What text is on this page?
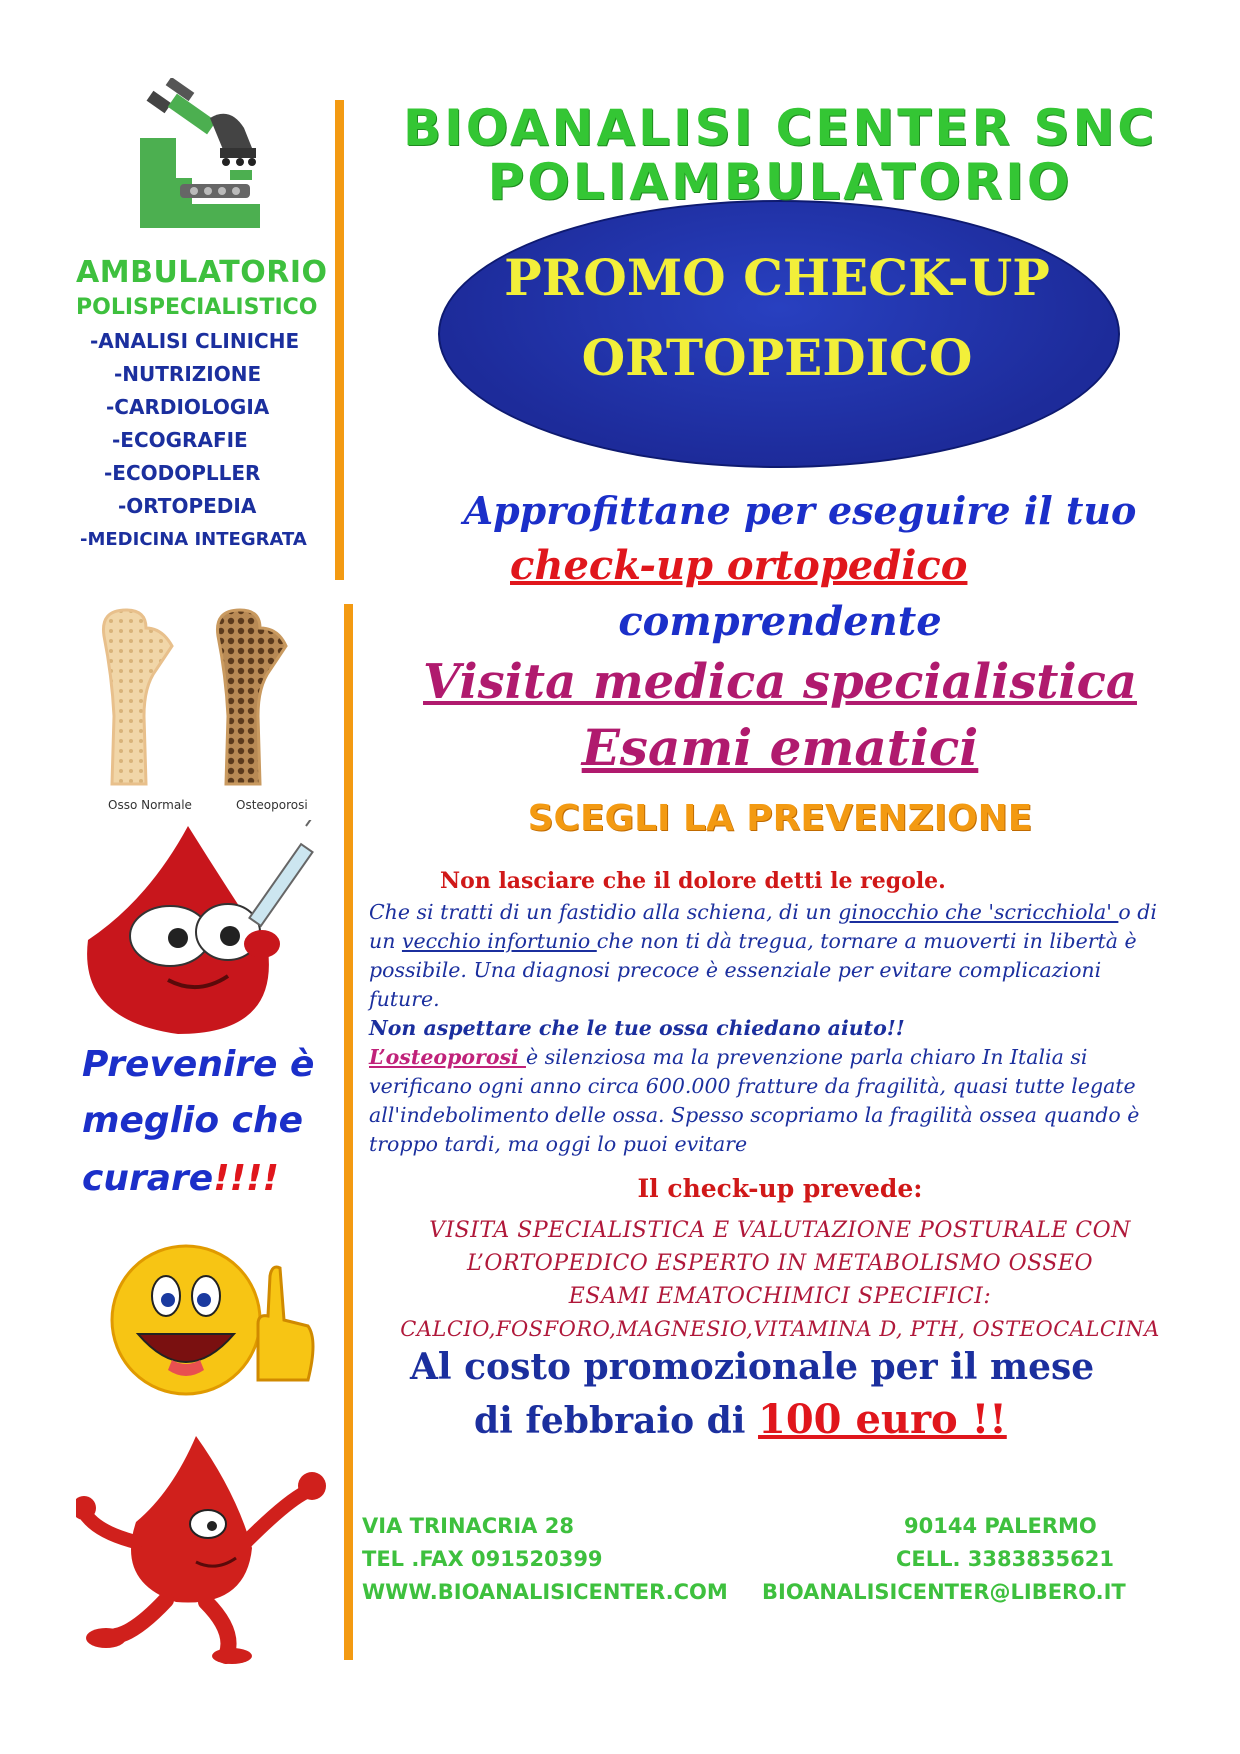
AMBULATORIO
POLISPECIALISTICO
-ANALISI CLINICHE
-NUTRIZIONE
-CARDIOLOGIA
-ECOGRAFIE
-ECODOPLLER
-ORTOPEDIA
-MEDICINA INTEGRATA
Osso Normale	Osteoporosi
Prevenire è
meglio che
curare!!!!
BIOANALISI CENTER SNC
POLIAMBULATORIO
PROMO CHECK-UP
ORTOPEDICO
Approfittane per eseguire il tuo
check-up ortopedico
comprendente
Visita medica specialistica
Esami ematici
SCEGLI LA PREVENZIONE
Non lasciare che il dolore detti le regole.

Che si tratti di un fastidio alla schiena, di un ginocchio che 'scricchiola' o di un vecchio infortunio che non ti dà tregua, tornare a muoverti in libertà è possibile. Una diagnosi precoce è essenziale per evitare complicazioni future.

Non aspettare che le tue ossa chiedano aiuto!!

L’osteoporosi è silenziosa ma la prevenzione parla chiaro In Italia si verificano ogni anno circa 600.000 fratture da fragilità, quasi tutte legate all'indebolimento delle ossa. Spesso scopriamo la fragilità ossea quando è troppo tardi, ma oggi lo puoi evitare

Il check-up prevede:
VISITA SPECIALISTICA E VALUTAZIONE POSTURALE CON
L’ORTOPEDICO ESPERTO IN METABOLISMO OSSEO
ESAMI EMATOCHIMICI SPECIFICI:
CALCIO,FOSFORO,MAGNESIO,VITAMINA D, PTH, OSTEOCALCINA
Al costo promozionale per il mese
di febbraio di 100 euro !!
VIA TRINACRIA 28	90144 PALERMO
TEL .FAX 091520399	CELL. 3383835621
WWW.BIOANALISICENTER.COM BIOANALISICENTER@LIBERO.IT
